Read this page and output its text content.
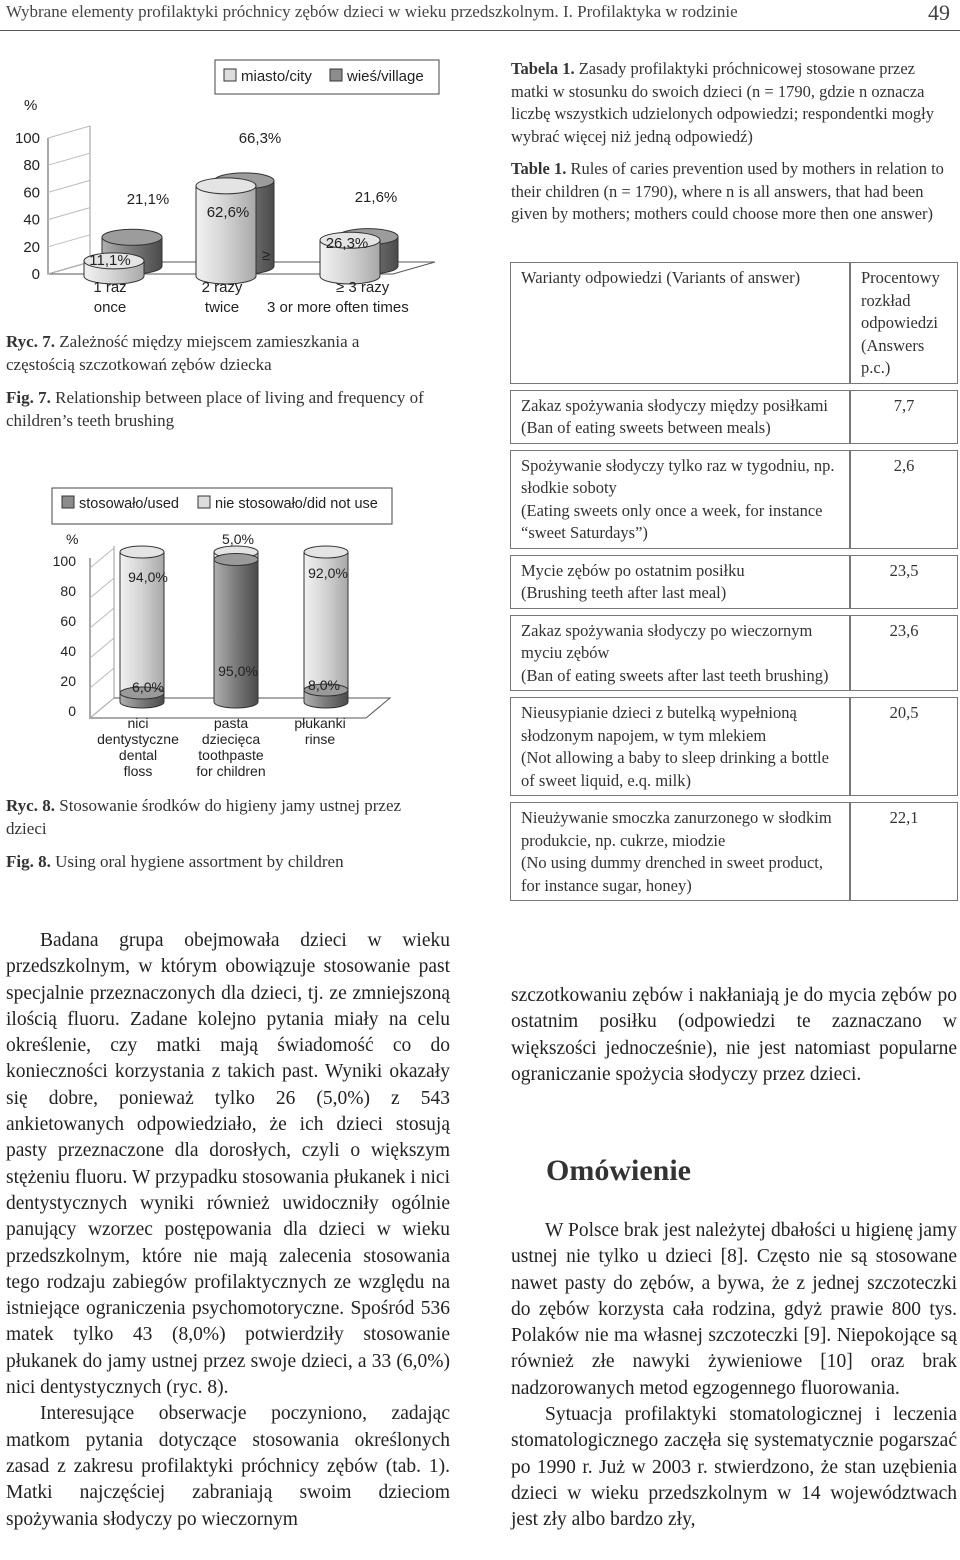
Wybrane elementy profilaktyki próchnicy zębów dzieci w wieku przedszkolnym. I. Profilaktyka w rodzinie	49
miasto/city wieś/village
%
0
20
40
60
80
100
11,1%
21,1%
66,3%
62,6%
26,3%
21,6%
≥
1 raz
once
2 razy
twice
≥ 3 razy
3 or more often times
Ryc. 7. Zależność między miejscem zamieszkania a częstością szczotkowań zębów dziecka
Fig. 7. Relationship between place of living and frequency of children’s teeth brushing
stosowało/used nie stosowało/did not use
%
0
20
40
60
80
100
6,0%
94,0%
95,0%
5,0%
8,0%
92,0%
nici
dentystyczne
dental
floss
pasta
dziecięca
toothpaste
for children
płukanki
rinse
Ryc. 8. Stosowanie środków do higieny jamy ustnej przez dzieci
Fig. 8. Using oral hygiene assortment by children

Badana grupa obejmowała dzieci w wieku przedszkolnym, w którym obowiązuje stosowanie past specjalnie przeznaczonych dla dzieci, tj. ze zmniejszoną ilością fluoru. Zadane kolejno pytania miały na celu określenie, czy matki mają świadomość co do konieczności korzystania z takich past. Wyniki okazały się dobre, ponieważ tylko 26 (5,0%) z 543 ankietowanych odpowiedziało, że ich dzieci stosują pasty przeznaczone dla dorosłych, czyli o większym stężeniu fluoru. W przypadku stosowania płukanek i nici dentystycznych wyniki również uwidoczniły ogólnie panujący wzorzec postępowania dla dzieci w wieku przedszkolnym, które nie mają zalecenia stosowania tego rodzaju zabiegów profilaktycznych ze względu na istniejące ograniczenia psychomotoryczne. Spośród 536 matek tylko 43 (8,0%) potwierdziły stosowanie płukanek do jamy ustnej przez swoje dzieci, a 33 (6,0%) nici dentystycznych (ryc. 8).

Interesujące obserwacje poczyniono, zadając matkom pytania dotyczące stosowania określonych zasad z zakresu profilaktyki próchnicy zębów (tab. 1). Matki najczęściej zabraniają swoim dzieciom spożywania słodyczy po wieczornym

Tabela 1. Zasady profilaktyki próchnicowej stosowane przez matki w stosunku do swoich dzieci (n = 1790, gdzie n oznacza liczbę wszystkich udzielonych odpowiedzi; respondentki mogły wybrać więcej niż jedną odpowiedź)
Table 1. Rules of caries prevention used by mothers in relation to their children (n = 1790), where n is all answers, that had been given by mothers; mothers could choose more then one answer)
Warianty odpowiedzi (Variants of answer)	Procentowy rozkład odpowiedzi (Answers p.c.)
Zakaz spożywania słodyczy między posiłkami
(Ban of eating sweets between meals)	7,7
Spożywanie słodyczy tylko raz w tygodniu, np. słodkie soboty
(Eating sweets only once a week, for instance “sweet Saturdays”)	2,6
Mycie zębów po ostatnim posiłku
(Brushing teeth after last meal)	23,5
Zakaz spożywania słodyczy po wieczornym myciu zębów
(Ban of eating sweets after last teeth brushing)	23,6
Nieusypianie dzieci z butelką wypełnioną słodzonym napojem, w tym mlekiem
(Not allowing a baby to sleep drinking a bottle of sweet liquid, e.q. milk)	20,5
Nieużywanie smoczka zanurzonego w słodkim produkcie, np. cukrze, miodzie
(No using dummy drenched in sweet product, for instance sugar, honey)	22,1

szczotkowaniu zębów i nakłaniają je do mycia zębów po ostatnim posiłku (odpowiedzi te zaznaczano w większości jednocześnie), nie jest natomiast popularne ograniczanie spożycia słodyczy przez dzieci.

Omówienie

W Polsce brak jest należytej dbałości u higienę jamy ustnej nie tylko u dzieci [8]. Często nie są stosowane nawet pasty do zębów, a bywa, że z jednej szczoteczki do zębów korzysta cała rodzina, gdyż prawie 800 tys. Polaków nie ma własnej szczoteczki [9]. Niepokojące są również złe nawyki żywieniowe [10] oraz brak nadzorowanych metod egzogennego fluorowania.

Sytuacja profilaktyki stomatologicznej i leczenia stomatologicznego zaczęła się systematycznie pogarszać po 1990 r. Już w 2003 r. stwierdzono, że stan uzębienia dzieci w wieku przedszkolnym w 14 województwach jest zły albo bardzo zły,
